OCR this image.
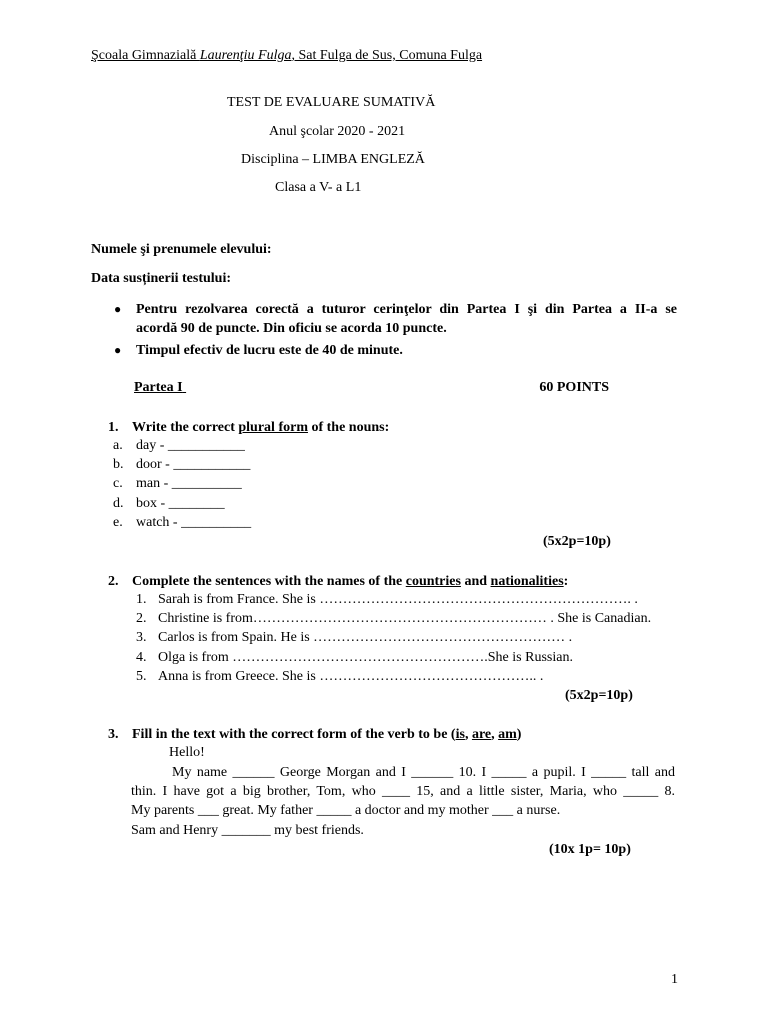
Şcoala Gimnazială Laurenţiu Fulga, Sat Fulga de Sus, Comuna Fulga
TEST DE EVALUARE SUMATIVĂ
Anul şcolar 2020 - 2021
Disciplina – LIMBA ENGLEZĂ
Clasa a V- a L1
Numele şi prenumele elevului:
Data susținerii testului:
● Pentru rezolvarea corectă a tuturor cerinţelor din Partea I şi din Partea a II-a se
acordă 90 de puncte. Din oficiu se acorda 10 puncte.
● Timpul efectiv de lucru este de 40 de minute.
Partea I	60 POINTS

1. Write the correct plural form of the nouns:
a. day - ___________
b. door - ___________
c. man - __________
d. box - ________
e. watch - __________
(5x2p=10p)
2. Complete the sentences with the names of the countries and nationalities:
1. Sarah is from France. She is …………………………………………………………. .
2. Christine is from……………………………………………………… . She is Canadian.
3. Carlos is from Spain. He is ……………………………………………… .
4. Olga is from ……………………………………………….She is Russian.
5. Anna is from Greece. She is ……………………………………….. .
(5x2p=10p)
3. Fill in the text with the correct form of the verb to be (is, are, am)
Hello!
My name ______ George Morgan and I ______ 10. I _____ a pupil. I _____ tall and
thin. I have got a big brother, Tom, who ____ 15, and a little sister, Maria, who _____ 8.
My parents ___ great. My father _____ a doctor and my mother ___ a nurse.
Sam and Henry _______ my best friends.
(10x 1p= 10p)
1
